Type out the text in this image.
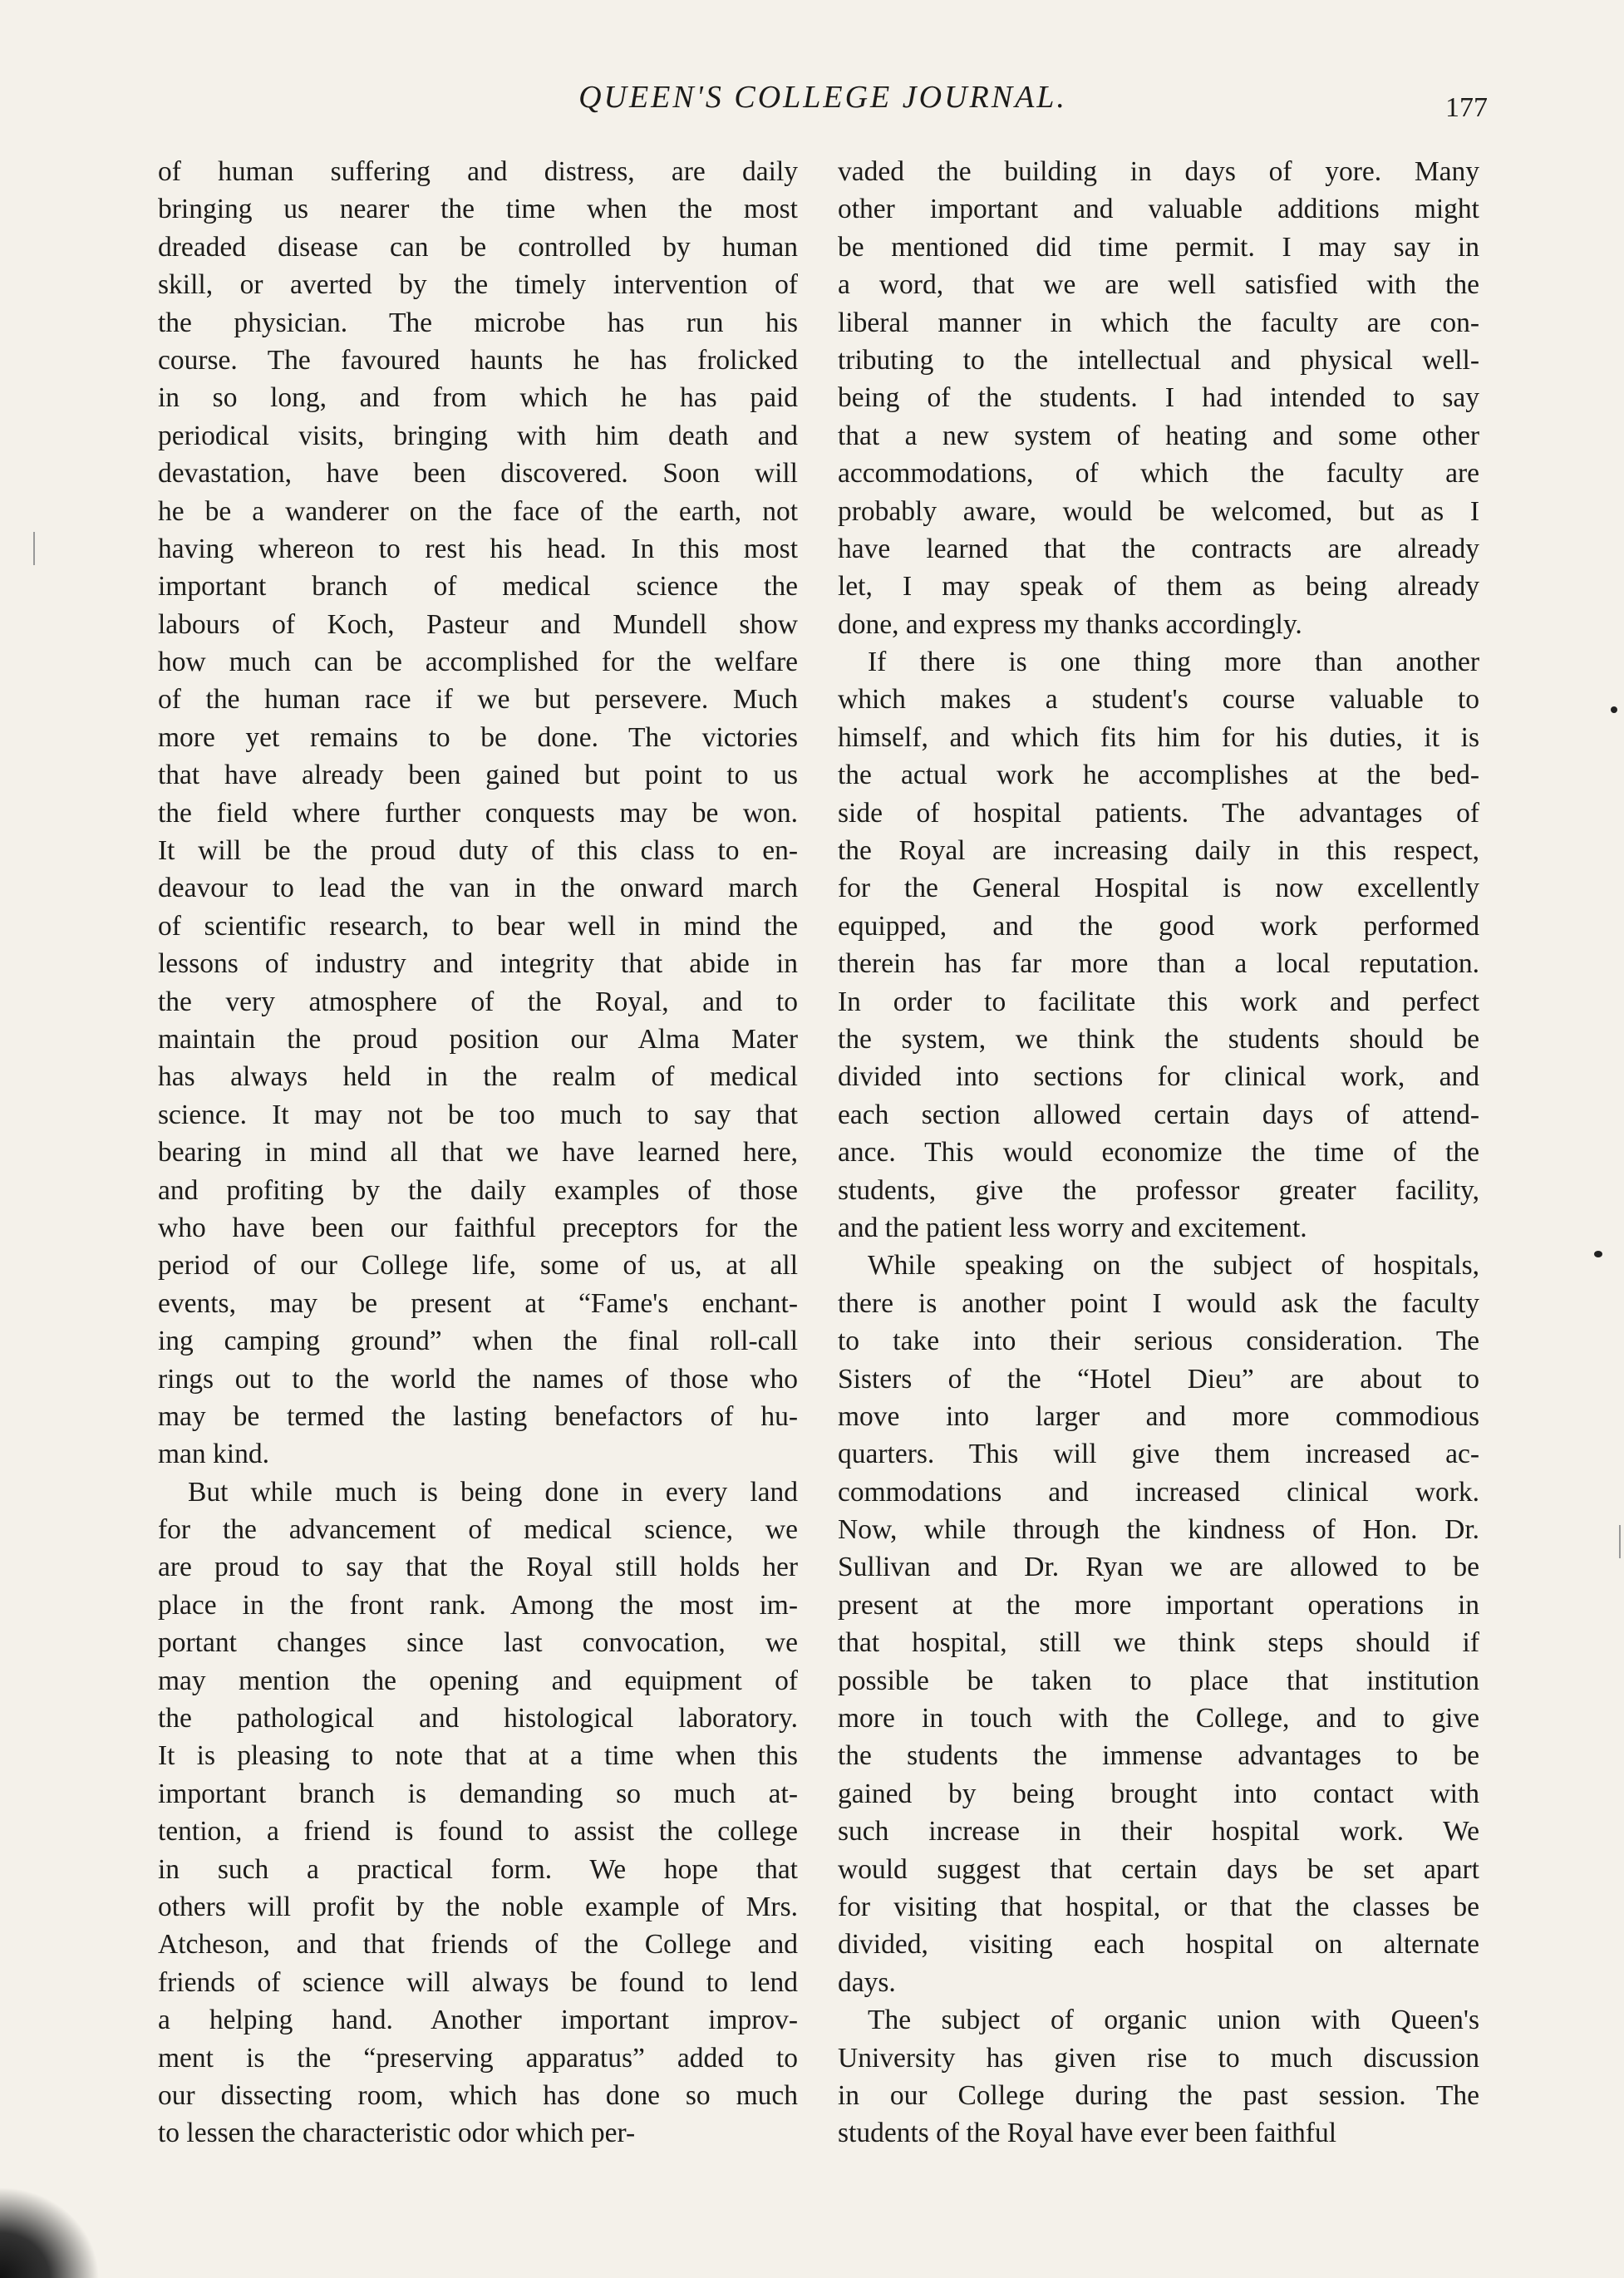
QUEEN'S COLLEGE JOURNAL.	177
of human suffering and distress, are daily
bringing us nearer the time when the most
dreaded disease can be controlled by human
skill, or averted by the timely intervention of
the physician. The microbe has run his
course. The favoured haunts he has frolicked
in so long, and from which he has paid
periodical visits, bringing with him death and
devastation, have been discovered. Soon will
he be a wanderer on the face of the earth, not
having whereon to rest his head. In this most
important branch of medical science the
labours of Koch, Pasteur and Mundell show
how much can be accomplished for the welfare
of the human race if we but persevere. Much
more yet remains to be done. The victories
that have already been gained but point to us
the field where further conquests may be won.
It will be the proud duty of this class to en-
deavour to lead the van in the onward march
of scientific research, to bear well in mind the
lessons of industry and integrity that abide in
the very atmosphere of the Royal, and to
maintain the proud position our Alma Mater
has always held in the realm of medical
science. It may not be too much to say that
bearing in mind all that we have learned here,
and profiting by the daily examples of those
who have been our faithful preceptors for the
period of our College life, some of us, at all
events, may be present at “Fame's enchant-
ing camping ground” when the final roll-call
rings out to the world the names of those who
may be termed the lasting benefactors of hu-
man kind.
But while much is being done in every land
for the advancement of medical science, we
are proud to say that the Royal still holds her
place in the front rank. Among the most im-
portant changes since last convocation, we
may mention the opening and equipment of
the pathological and histological laboratory.
It is pleasing to note that at a time when this
important branch is demanding so much at-
tention, a friend is found to assist the college
in such a practical form. We hope that
others will profit by the noble example of Mrs.
Atcheson, and that friends of the College and
friends of science will always be found to lend
a helping hand. Another important improv-
ment is the “preserving apparatus” added to
our dissecting room, which has done so much
to lessen the characteristic odor which per-
vaded the building in days of yore. Many
other important and valuable additions might
be mentioned did time permit. I may say in
a word, that we are well satisfied with the
liberal manner in which the faculty are con-
tributing to the intellectual and physical well-
being of the students. I had intended to say
that a new system of heating and some other
accommodations, of which the faculty are
probably aware, would be welcomed, but as I
have learned that the contracts are already
let, I may speak of them as being already
done, and express my thanks accordingly.
If there is one thing more than another
which makes a student's course valuable to
himself, and which fits him for his duties, it is
the actual work he accomplishes at the bed-
side of hospital patients. The advantages of
the Royal are increasing daily in this respect,
for the General Hospital is now excellently
equipped, and the good work performed
therein has far more than a local reputation.
In order to facilitate this work and perfect
the system, we think the students should be
divided into sections for clinical work, and
each section allowed certain days of attend-
ance. This would economize the time of the
students, give the professor greater facility,
and the patient less worry and excitement.
While speaking on the subject of hospitals,
there is another point I would ask the faculty
to take into their serious consideration. The
Sisters of the “Hotel Dieu” are about to
move into larger and more commodious
quarters. This will give them increased ac-
commodations and increased clinical work.
Now, while through the kindness of Hon. Dr.
Sullivan and Dr. Ryan we are allowed to be
present at the more important operations in
that hospital, still we think steps should if
possible be taken to place that institution
more in touch with the College, and to give
the students the immense advantages to be
gained by being brought into contact with
such increase in their hospital work. We
would suggest that certain days be set apart
for visiting that hospital, or that the classes be
divided, visiting each hospital on alternate
days.
The subject of organic union with Queen's
University has given rise to much discussion
in our College during the past session. The
students of the Royal have ever been faithful
